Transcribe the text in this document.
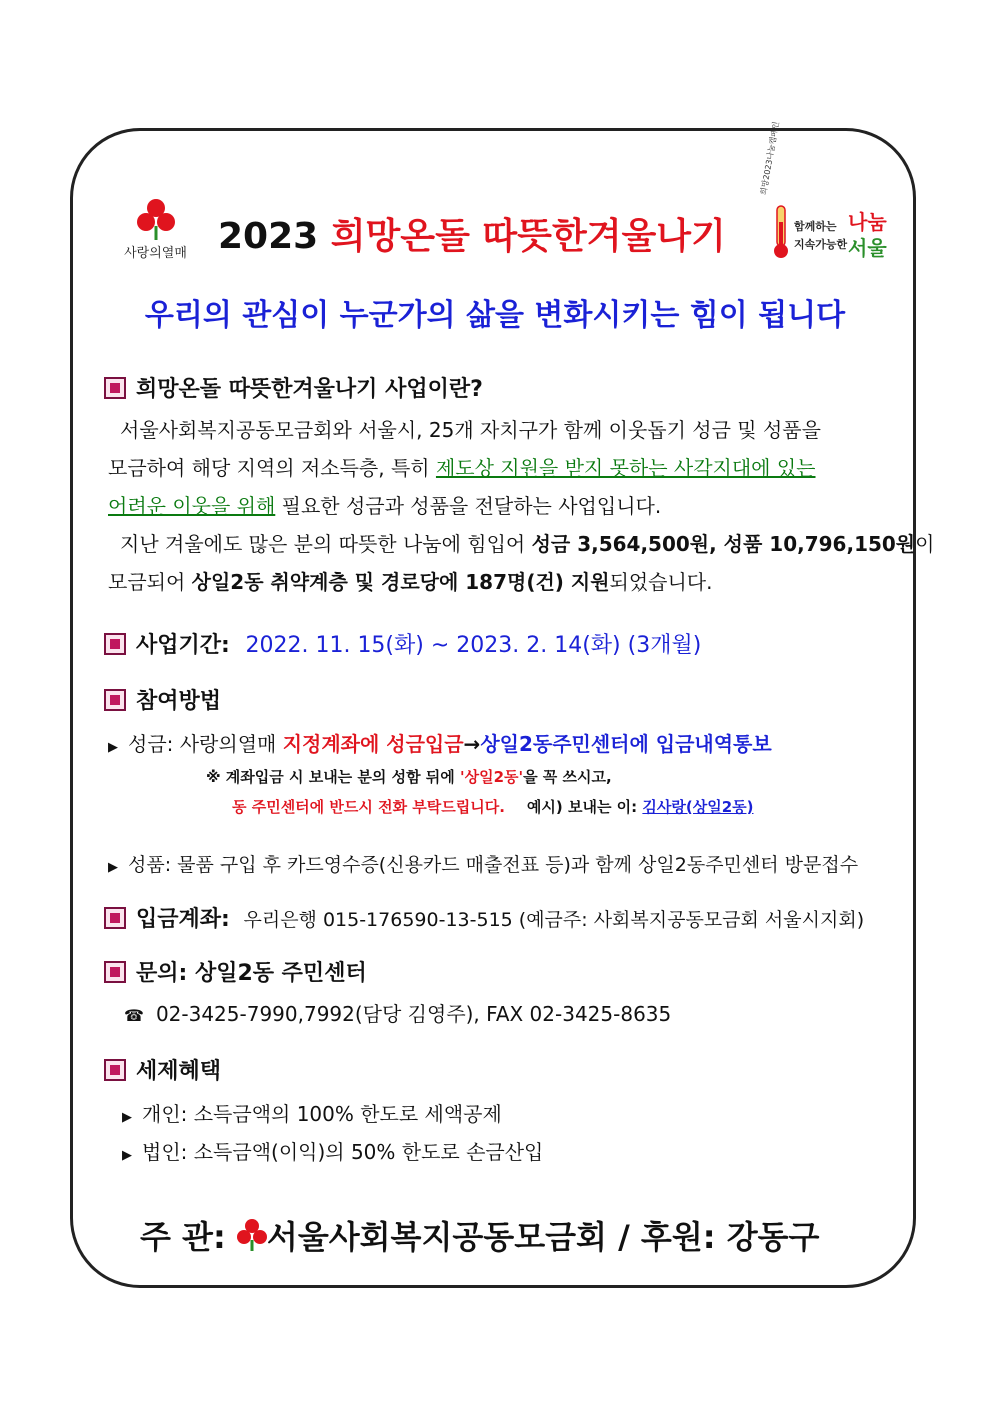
사랑의열매 2023 희망온돌 따뜻한겨울나기
희망2023나눔캠페인
함께하는
지속가능한
나눔
서울
우리의 관심이 누군가의 삶을 변화시키는 힘이 됩니다
희망온돌 따뜻한겨울나기 사업이란?
서울사회복지공동모금회와 서울시, 25개 자치구가 함께 이웃돕기 성금 및 성품을
모금하여 해당 지역의 저소득층, 특히 제도상 지원을 받지 못하는 사각지대에 있는
어려운 이웃을 위해 필요한 성금과 성품을 전달하는 사업입니다.
지난 겨울에도 많은 분의 따뜻한 나눔에 힘입어 성금 3,564,500원, 성품 10,796,150원이
모금되어 상일2동 취약계층 및 경로당에 187명(건) 지원되었습니다.
사업기간: 2022. 11. 15(화) ~ 2023. 2. 14(화) (3개월)
참여방법
▶ 성금: 사랑의열매 지정계좌에 성금입금→상일2동주민센터에 입금내역통보
※ 계좌입금 시 보내는 분의 성함 뒤에 '상일2동'을 꼭 쓰시고,
동 주민센터에 반드시 전화 부탁드립니다. 예시) 보내는 이: 김사랑(상일2동)
▶ 성품: 물품 구입 후 카드영수증(신용카드 매출전표 등)과 함께 상일2동주민센터 방문접수
입금계좌: 우리은행 015-176590-13-515 (예금주: 사회복지공동모금회 서울시지회)
문의: 상일2동 주민센터
☎ 02-3425-7990,7992(담당 김영주), FAX 02-3425-8635
세제혜택
▶ 개인: 소득금액의 100% 한도로 세액공제
▶ 법인: 소득금액(이익)의 50% 한도로 손금산입
주 관: 서울사회복지공동모금회 / 후원: 강동구
